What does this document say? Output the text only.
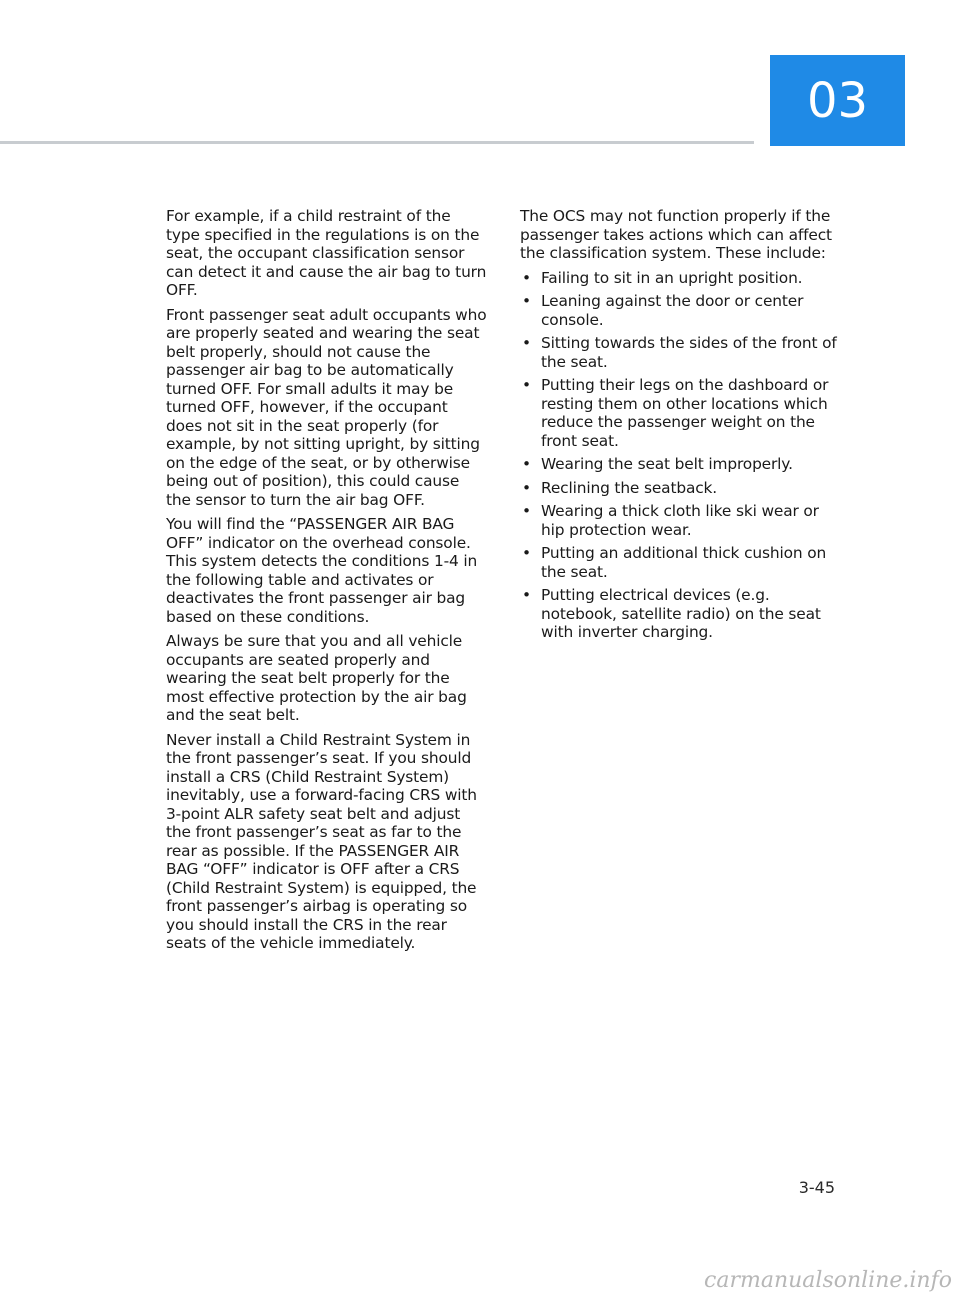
03

For example, if a child restraint of the type specified in the regulations is on the seat, the occupant classification sensor can detect it and cause the air bag to turn OFF.

Front passenger seat adult occupants who are properly seated and wearing the seat belt properly, should not cause the passenger air bag to be automatically turned OFF. For small adults it may be turned OFF, however, if the occupant does not sit in the seat properly (for example, by not sitting upright, by sitting on the edge of the seat, or by otherwise being out of position), this could cause the sensor to turn the air bag OFF.

You will find the “PASSENGER AIR BAG OFF” indicator on the overhead console. This system detects the conditions 1-4 in the following table and activates or deactivates the front passenger air bag based on these conditions.

Always be sure that you and all vehicle occupants are seated properly and wearing the seat belt properly for the most effective protection by the air bag and the seat belt.

Never install a Child Restraint System in the front passenger’s seat. If you should install a CRS (Child Restraint System) inevitably, use a forward-facing CRS with 3-point ALR safety seat belt and adjust the front passenger’s seat as far to the rear as possible. If the PASSENGER AIR BAG “OFF” indicator is OFF after a CRS (Child Restraint System) is equipped, the front passenger’s airbag is operating so you should install the CRS in the rear seats of the vehicle immediately.

The OCS may not function properly if the passenger takes actions which can affect the classification system. These include:

• Failing to sit in an upright position.
• Leaning against the door or center console.
• Sitting towards the sides of the front of the seat.
• Putting their legs on the dashboard or resting them on other locations which reduce the passenger weight on the front seat.
• Wearing the seat belt improperly.
• Reclining the seatback.
• Wearing a thick cloth like ski wear or hip protection wear.
• Putting an additional thick cushion on the seat.
• Putting electrical devices (e.g. notebook, satellite radio) on the seat with inverter charging.
3-45
carmanualsonline.info
